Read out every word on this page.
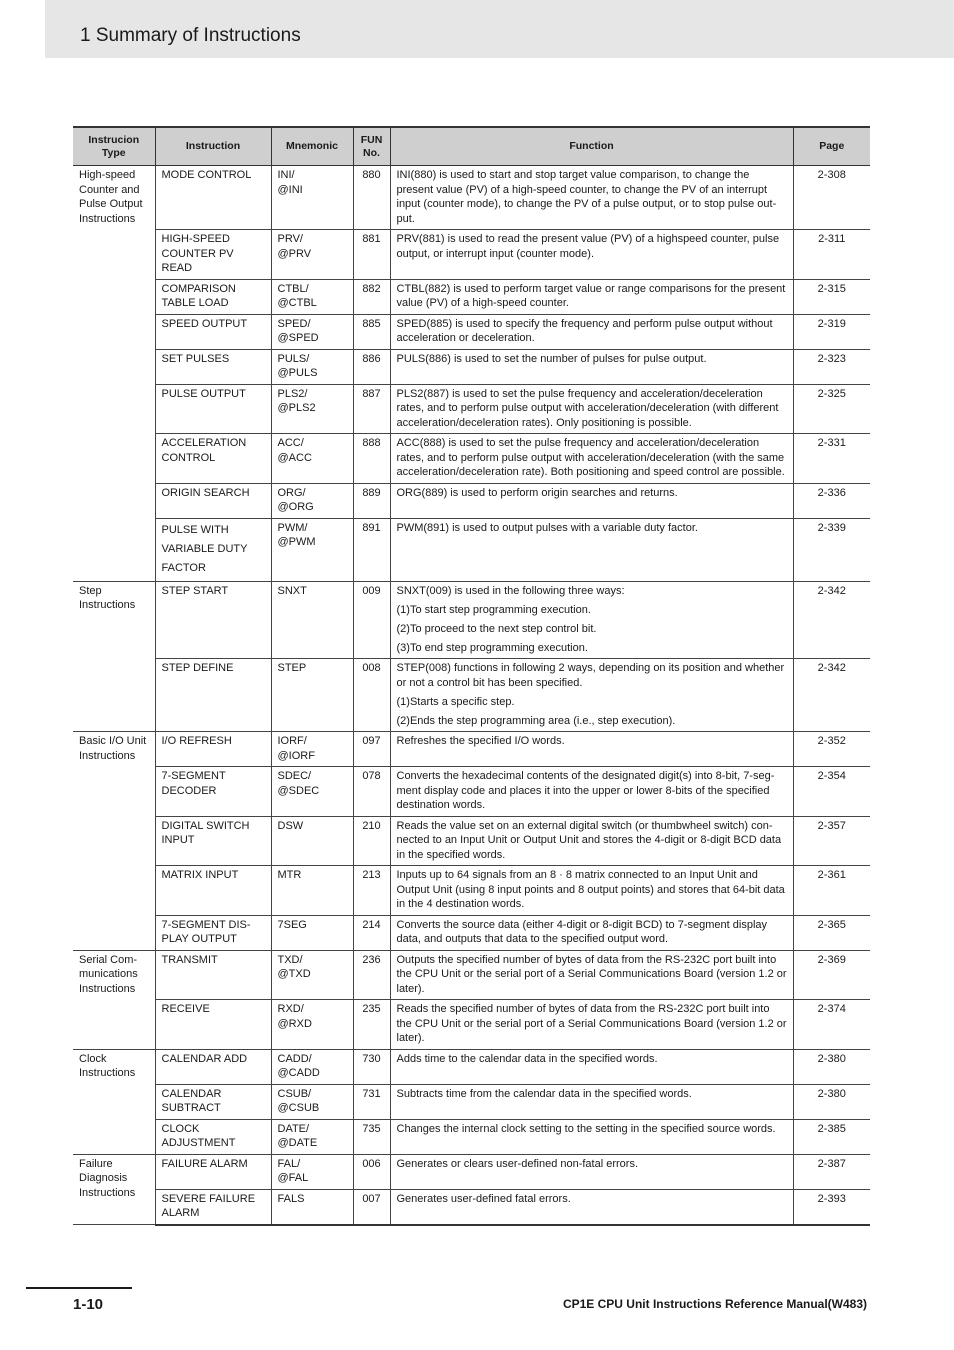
1 Summary of Instructions
Instrucion Type	Instruction	Mnemonic	FUN No.	Function	Page
High-speed Counter and Pulse Output Instructions	MODE CONTROL	INI/
@INI	880	INI(880) is used to start and stop target value comparison, to change the present value (PV) of a high-speed counter, to change the PV of an interrupt input (counter mode), to change the PV of a pulse output, or to stop pulse out-put.	2-308
	HIGH-SPEED COUNTER PV READ	PRV/
@PRV	881	PRV(881) is used to read the present value (PV) of a highspeed counter, pulse output, or interrupt input (counter mode).	2-311
	COMPARISON TABLE LOAD	CTBL/
@CTBL	882	CTBL(882) is used to perform target value or range comparisons for the present value (PV) of a high-speed counter.	2-315
	SPEED OUTPUT	SPED/
@SPED	885	SPED(885) is used to specify the frequency and perform pulse output without acceleration or deceleration.	2-319
	SET PULSES	PULS/
@PULS	886	PULS(886) is used to set the number of pulses for pulse output.	2-323
	PULSE OUTPUT	PLS2/
@PLS2	887	PLS2(887) is used to set the pulse frequency and acceleration/deceleration rates, and to perform pulse output with acceleration/deceleration (with different acceleration/deceleration rates). Only positioning is possible.	2-325
	ACCELERATION CONTROL	ACC/
@ACC	888	ACC(888) is used to set the pulse frequency and acceleration/deceleration rates, and to perform pulse output with acceleration/deceleration (with the same acceleration/deceleration rate). Both positioning and speed control are possible.	2-331
	ORIGIN SEARCH	ORG/
@ORG	889	ORG(889) is used to perform origin searches and returns.	2-336

	PULSE WITH
VARIABLE DUTY
FACTOR	PWM/
@PWM	891	PWM(891) is used to output pulses with a variable duty factor.	2-339
Step Instructions	STEP START	SNXT	009	SNXT(009) is used in the following three ways:
(1)To start step programming execution.
(2)To proceed to the next step control bit.
(3)To end step programming execution.	2-342
	STEP DEFINE	STEP	008	STEP(008) functions in following 2 ways, depending on its position and whether or not a control bit has been specified.
(1)Starts a specific step.
(2)Ends the step programming area (i.e., step execution).	2-342
Basic I/O Unit Instructions	I/O REFRESH	IORF/
@IORF	097	Refreshes the specified I/O words.	2-352
	7-SEGMENT DECODER	SDEC/
@SDEC	078	Converts the hexadecimal contents of the designated digit(s) into 8-bit, 7-seg-ment display code and places it into the upper or lower 8-bits of the specified destination words.	2-354
	DIGITAL SWITCH INPUT	DSW	210	Reads the value set on an external digital switch (or thumbwheel switch) con-nected to an Input Unit or Output Unit and stores the 4-digit or 8-digit BCD data in the specified words.	2-357
	MATRIX INPUT	MTR	213	Inputs up to 64 signals from an 8 · 8 matrix connected to an Input Unit and Output Unit (using 8 input points and 8 output points) and stores that 64-bit data in the 4 destination words.	2-361
	7-SEGMENT DIS-PLAY OUTPUT	7SEG	214	Converts the source data (either 4-digit or 8-digit BCD) to 7-segment display data, and outputs that data to the specified output word.	2-365
Serial Com-munications Instructions	TRANSMIT	TXD/
@TXD	236	Outputs the specified number of bytes of data from the RS-232C port built into the CPU Unit or the serial port of a Serial Communications Board (version 1.2 or later).	2-369
	RECEIVE	RXD/
@RXD	235	Reads the specified number of bytes of data from the RS-232C port built into the CPU Unit or the serial port of a Serial Communications Board (version 1.2 or later).	2-374
Clock Instructions	CALENDAR ADD	CADD/
@CADD	730	Adds time to the calendar data in the specified words.	2-380
	CALENDAR SUBTRACT	CSUB/
@CSUB	731	Subtracts time from the calendar data in the specified words.	2-380
	CLOCK ADJUSTMENT	DATE/
@DATE	735	Changes the internal clock setting to the setting in the specified source words.	2-385
Failure Diagnosis Instructions	FAILURE ALARM	FAL/
@FAL	006	Generates or clears user-defined non-fatal errors.	2-387
	SEVERE FAILURE ALARM	FALS	007	Generates user-defined fatal errors.	2-393
1-10	CP1E CPU Unit Instructions Reference Manual(W483)
